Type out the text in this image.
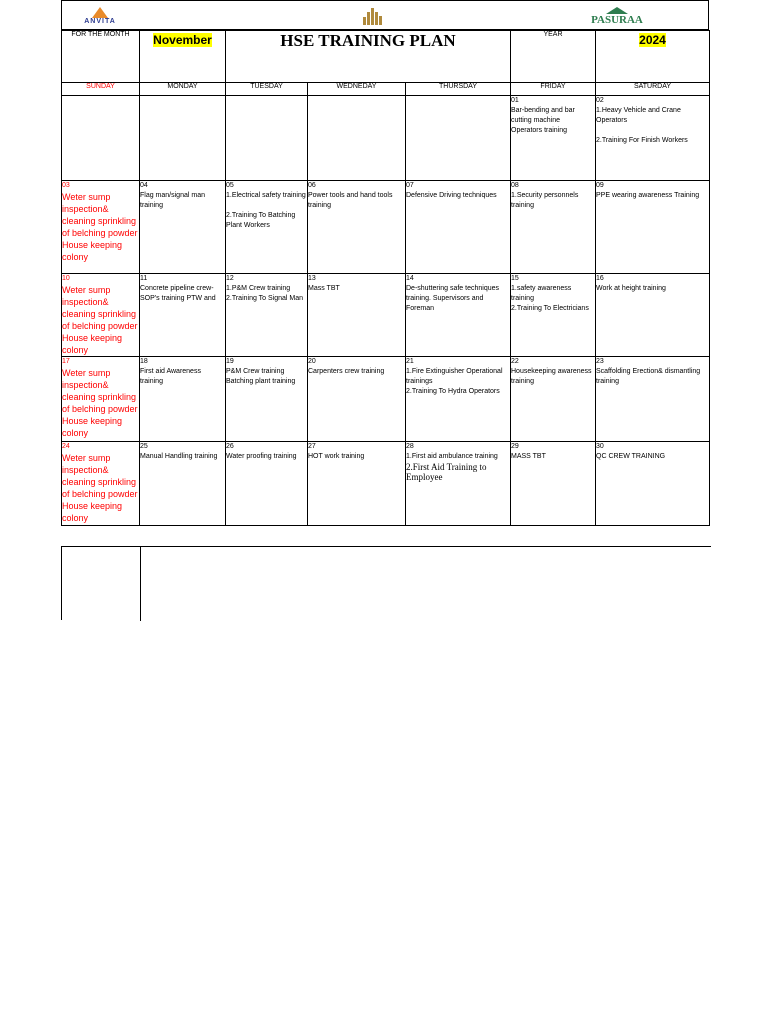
ANVITA	PASURAA
FOR THE MONTH	November	HSE TRAINING PLAN			YEAR	2024
SUNDAY	MONDAY	TUESDAY	WEDNEDAY	THURSDAY	FRIDAY	SATURDAY

					01
Bar-bending and bar cutting machine
Operators training	02
1.Heavy Vehicle and Crane Operators
2.Training For Finish Workers

03
Weter sump inspection& cleaning sprinkling of belching powder
House keeping colony	04
Flag man/signal man training	05
1.Electrical safety training
2.Training To Batching Plant Workers	06
Power tools and hand tools training	07
Defensive Driving techniques	08
1.Security personnels training	09
PPE wearing awareness Training

10
Weter sump inspection& cleaning sprinkling of belching powder
House keeping colony	11
Concrete pipeline crew-SOP's training PTW and	12
1.P&M Crew training
2.Training To Signal Man	13
Mass TBT	14
De-shuttering safe techniques training. Supervisors and Foreman	15
1.safety awareness training
2.Training To Electricians	16
Work at height training

17
Weter sump inspection& cleaning sprinkling of belching powder
House keeping colony	18
First aid Awareness training	19
P&M Crew training Batching plant training	20
Carpenters crew training	21
1.Fire Extinguisher Operational trainings
2.Training To Hydra Operators	22
Housekeeping awareness training	23
Scaffolding Erection& dismantling training

24
Weter sump inspection& cleaning sprinkling of belching powder
House keeping colony	25
Manual Handling training	26
Water proofing training	27
HOT work training	28
1.First aid ambulance training
2.First Aid Training to Employee	29
MASS TBT	30
QC CREW TRAINING
